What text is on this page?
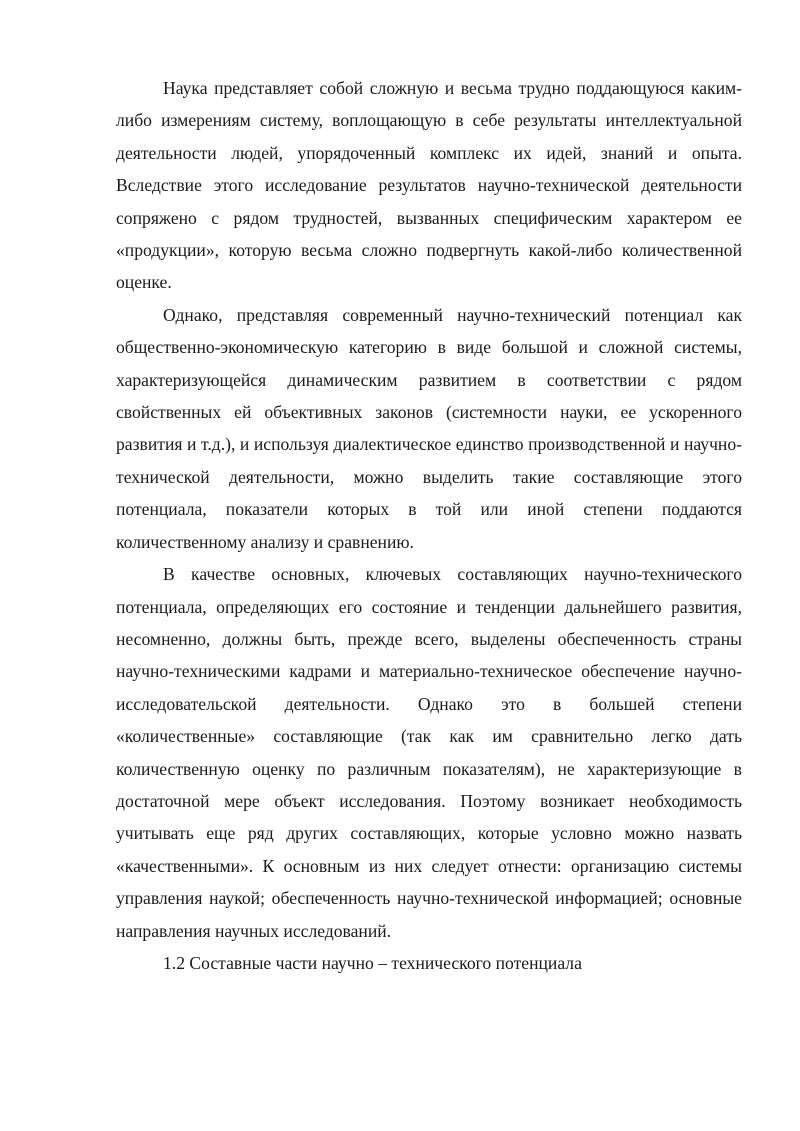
Наука представляет собой сложную и весьма трудно поддающуюся каким-либо измерениям систему, воплощающую в себе результаты интеллектуальной деятельности людей, упорядоченный комплекс их идей, знаний и опыта. Вследствие этого исследование результатов научно-технической деятельности сопряжено с рядом трудностей, вызванных специфическим характером ее «продукции», которую весьма сложно подвергнуть какой-либо количественной оценке.

Однако, представляя современный научно-технический потенциал как общественно-экономическую категорию в виде большой и сложной системы, характеризующейся динамическим развитием в соответствии с рядом свойственных ей объективных законов (системности науки, ее ускоренного развития и т.д.), и используя диалектическое единство производственной и научно-технической деятельности, можно выделить такие составляющие этого потенциала, показатели которых в той или иной степени поддаются количественному анализу и сравнению.

В качестве основных, ключевых составляющих научно-технического потенциала, определяющих его состояние и тенденции дальнейшего развития, несомненно, должны быть, прежде всего, выделены обеспеченность страны научно-техническими кадрами и материально-техническое обеспечение научно-исследовательской деятельности. Однако это в большей степени «количественные» составляющие (так как им сравнительно легко дать количественную оценку по различным показателям), не характеризующие в достаточной мере объект исследования. Поэтому возникает необходимость учитывать еще ряд других составляющих, которые условно можно назвать «качественными». К основным из них следует отнести: организацию системы управления наукой; обеспеченность научно-технической информацией; основные направления научных исследований.

1.2 Составные части научно – технического потенциала
